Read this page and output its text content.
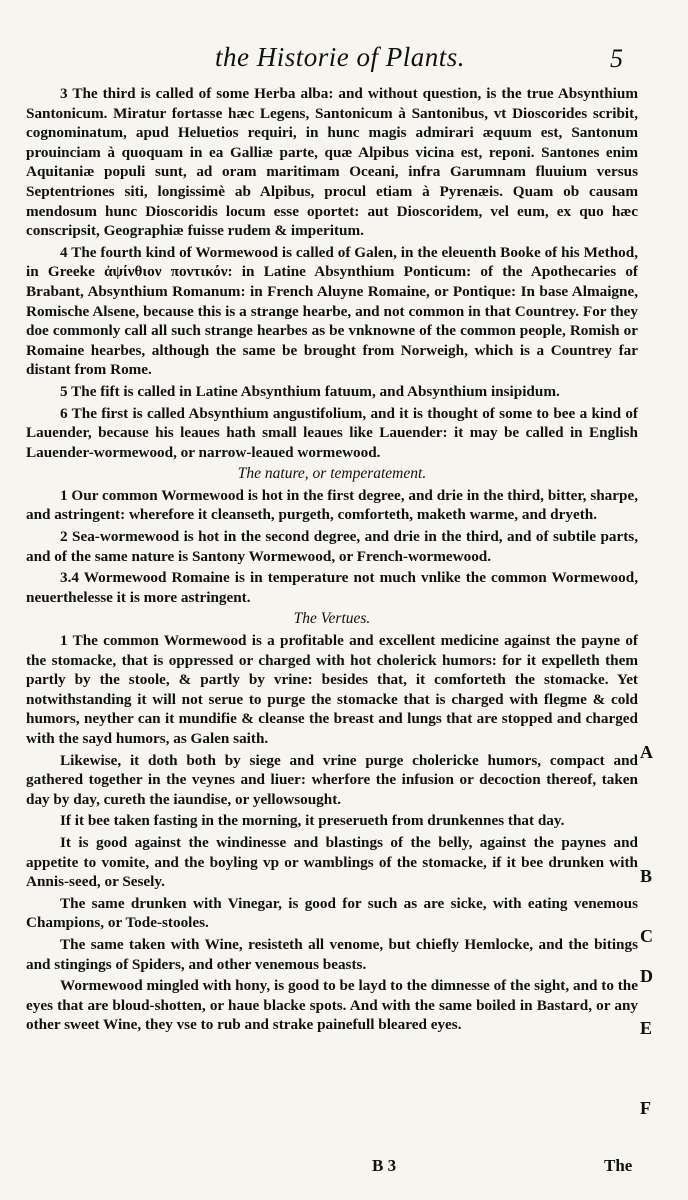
the Historie of Plants.	5

3 The third is called of some Herba alba: and without question, is the true Absynthium Santonicum. Miratur fortasse hæc Legens, Santonicum à Santonibus, vt Dioscorides scribit, cognominatum, apud Heluetios requiri, in hunc magis admirari æquum est, Santonum prouinciam à quoquam in ea Galliæ parte, quæ Alpibus vicina est, reponi. Santones enim Aquitaniæ populi sunt, ad oram maritimam Oceani, infra Garumnam fluuium versus Septentriones siti, longissimè ab Alpibus, procul etiam à Pyrenæis. Quam ob causam mendosum hunc Dioscoridis locum esse oportet: aut Dioscoridem, vel eum, ex quo hæc conscripsit, Geographiæ fuisse rudem & imperitum.

4 The fourth kind of Wormewood is called of Galen, in the eleuenth Booke of his Method, in Greeke ἀψίνθιον ποντικόν: in Latine Absynthium Ponticum: of the Apothecaries of Brabant, Absynthium Romanum: in French Aluyne Romaine, or Pontique: In base Almaigne, Romische Alsene, because this is a strange hearbe, and not common in that Countrey. For they doe commonly call all such strange hearbes as be vnknowne of the common people, Romish or Romaine hearbes, although the same be brought from Norweigh, which is a Countrey far distant from Rome.

5 The fift is called in Latine Absynthium fatuum, and Absynthium insipidum.

6 The first is called Absynthium angustifolium, and it is thought of some to bee a kind of Lauender, because his leaues hath small leaues like Lauender: it may be called in English Lauender-wormewood, or narrow-leaued wormewood.

The nature, or temperatement.

1 Our common Wormewood is hot in the first degree, and drie in the third, bitter, sharpe, and astringent: wherefore it cleanseth, purgeth, comforteth, maketh warme, and dryeth.

2 Sea-wormewood is hot in the second degree, and drie in the third, and of subtile parts, and of the same nature is Santony Wormewood, or French-wormewood.

3.4 Wormewood Romaine is in temperature not much vnlike the common Wormewood, neuerthelesse it is more astringent.

The Vertues.

1 The common Wormewood is a profitable and excellent medicine against the payne of the stomacke, that is oppressed or charged with hot cholerick humors: for it expelleth them partly by the stoole, & partly by vrine: besides that, it comforteth the stomacke. Yet notwithstanding it will not serue to purge the stomacke that is charged with flegme & cold humors, neyther can it mundifie & cleanse the breast and lungs that are stopped and charged with the sayd humors, as Galen saith.

Likewise, it doth both by siege and vrine purge cholericke humors, compact and gathered together in the veynes and liuer: wherfore the infusion or decoction thereof, taken day by day, cureth the iaundise, or yellowsought.

If it bee taken fasting in the morning, it preserueth from drunkennes that day.

It is good against the windinesse and blastings of the belly, against the paynes and appetite to vomite, and the boyling vp or wamblings of the stomacke, if it bee drunken with Annis-seed, or Sesely.

The same drunken with Vinegar, is good for such as are sicke, with eating venemous Champions, or Tode-stooles.

The same taken with Wine, resisteth all venome, but chiefly Hemlocke, and the bitings and stingings of Spiders, and other venemous beasts.

Wormewood mingled with hony, is good to be layd to the dimnesse of the sight, and to the eyes that are bloud-shotten, or haue blacke spots. And with the same boiled in Bastard, or any other sweet Wine, they vse to rub and strake painefull bleared eyes.

A
B
C
D
E
F
B 3	The
